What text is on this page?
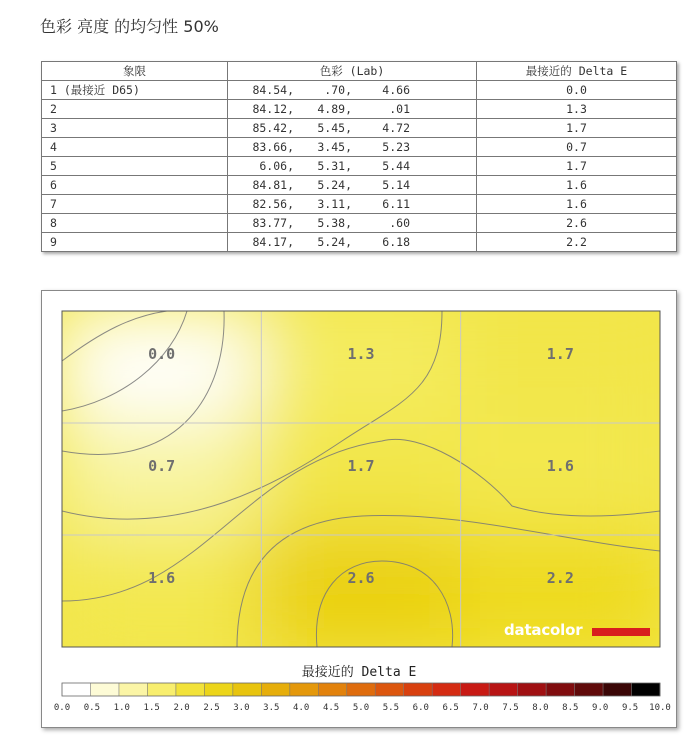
色彩 亮度 的均匀性 50%
象限	色彩 (Lab)	最接近的 Delta E
1 (最接近 D65)	84.54, .70, 4.66	0.0
2	84.12, 4.89, .01	1.3
3	85.42, 5.45, 4.72	1.7
4	83.66, 3.45, 5.23	0.7
5	6.06, 5.31, 5.44	1.7
6	84.81, 5.24, 5.14	1.6
7	82.56, 3.11, 6.11	1.6
8	83.77, 5.38, .60	2.6
9	84.17, 5.24, 6.18	2.2
0.0	1.3	1.7
0.7	1.7	1.6
1.6	2.6	2.2
datacolor
最接近的 Delta E
0.0 0.5 1.0 1.5 2.0 2.5 3.0 3.5 4.0 4.5 5.0 5.5 6.0 6.5 7.0 7.5 8.0 8.5 9.0 9.5 10.0
